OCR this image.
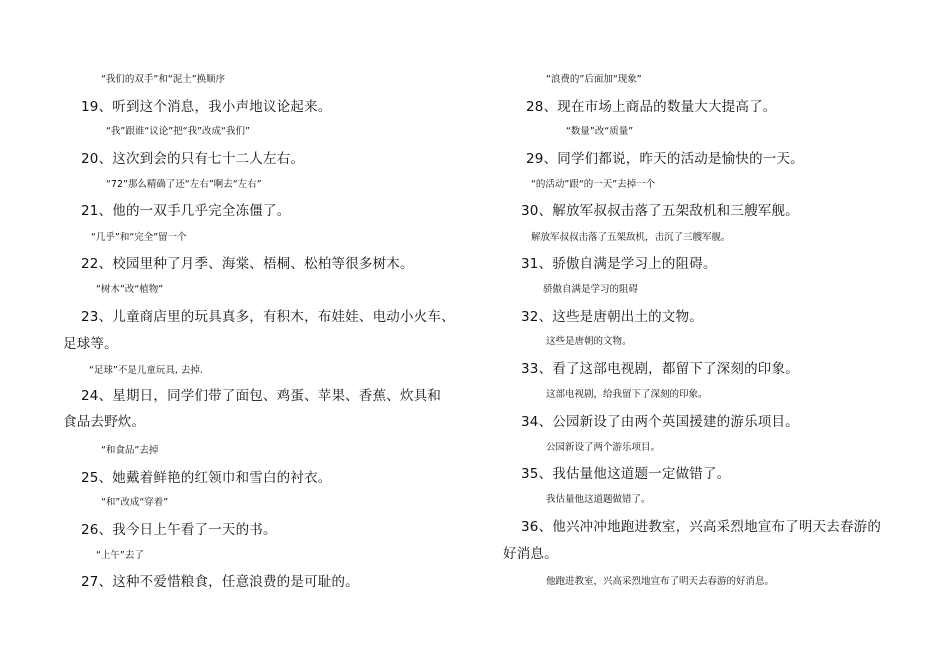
“我们的双手”和“泥土”换顺序
19、听到这个消息，我小声地议论起来。
“我”跟谁“议论”把“我”改成“我们”
20、这次到会的只有七十二人左右。
“72”那么精确了还“左右”啊去“左右”
21、他的一双手几乎完全冻僵了。
“几乎”和“完全”留一个
22、校园里种了月季、海棠、梧桐、松柏等很多树木。
“树木”改“植物”
23、儿童商店里的玩具真多，有积木，布娃娃、电动小火车、
足球等。
“足球”不是儿童玩具, 去掉.
24、星期日，同学们带了面包、鸡蛋、苹果、香蕉、炊具和
食品去野炊。
“和食品”去掉
25、她戴着鲜艳的红领巾和雪白的衬衣。
“和”改成“穿着”
26、我今日上午看了一天的书。
“上午”去了
27、这种不爱惜粮食，任意浪费的是可耻的。
“浪费的”后面加“现象”
28、现在市场上商品的数量大大提高了。
“数量”改“质量”
29、同学们都说，昨天的活动是愉快的一天。
“的活动”跟“的一天”去掉一个
30、解放军叔叔击落了五架敌机和三艘军舰。
解放军叔叔击落了五架敌机，击沉了三艘军舰。
31、骄傲自满是学习上的阻碍。
骄傲自满是学习的阻碍
32、这些是唐朝出土的文物。
这些是唐朝的文物。
33、看了这部电视剧，都留下了深刻的印象。
这部电视剧，给我留下了深刻的印象。
34、公园新设了由两个英国援建的游乐项目。
公园新设了两个游乐项目。
35、我估量他这道题一定做错了。
我估量他这道题做错了。
36、他兴冲冲地跑进教室，兴高采烈地宣布了明天去春游的
好消息。
他跑进教室，兴高采烈地宣布了明天去春游的好消息。
